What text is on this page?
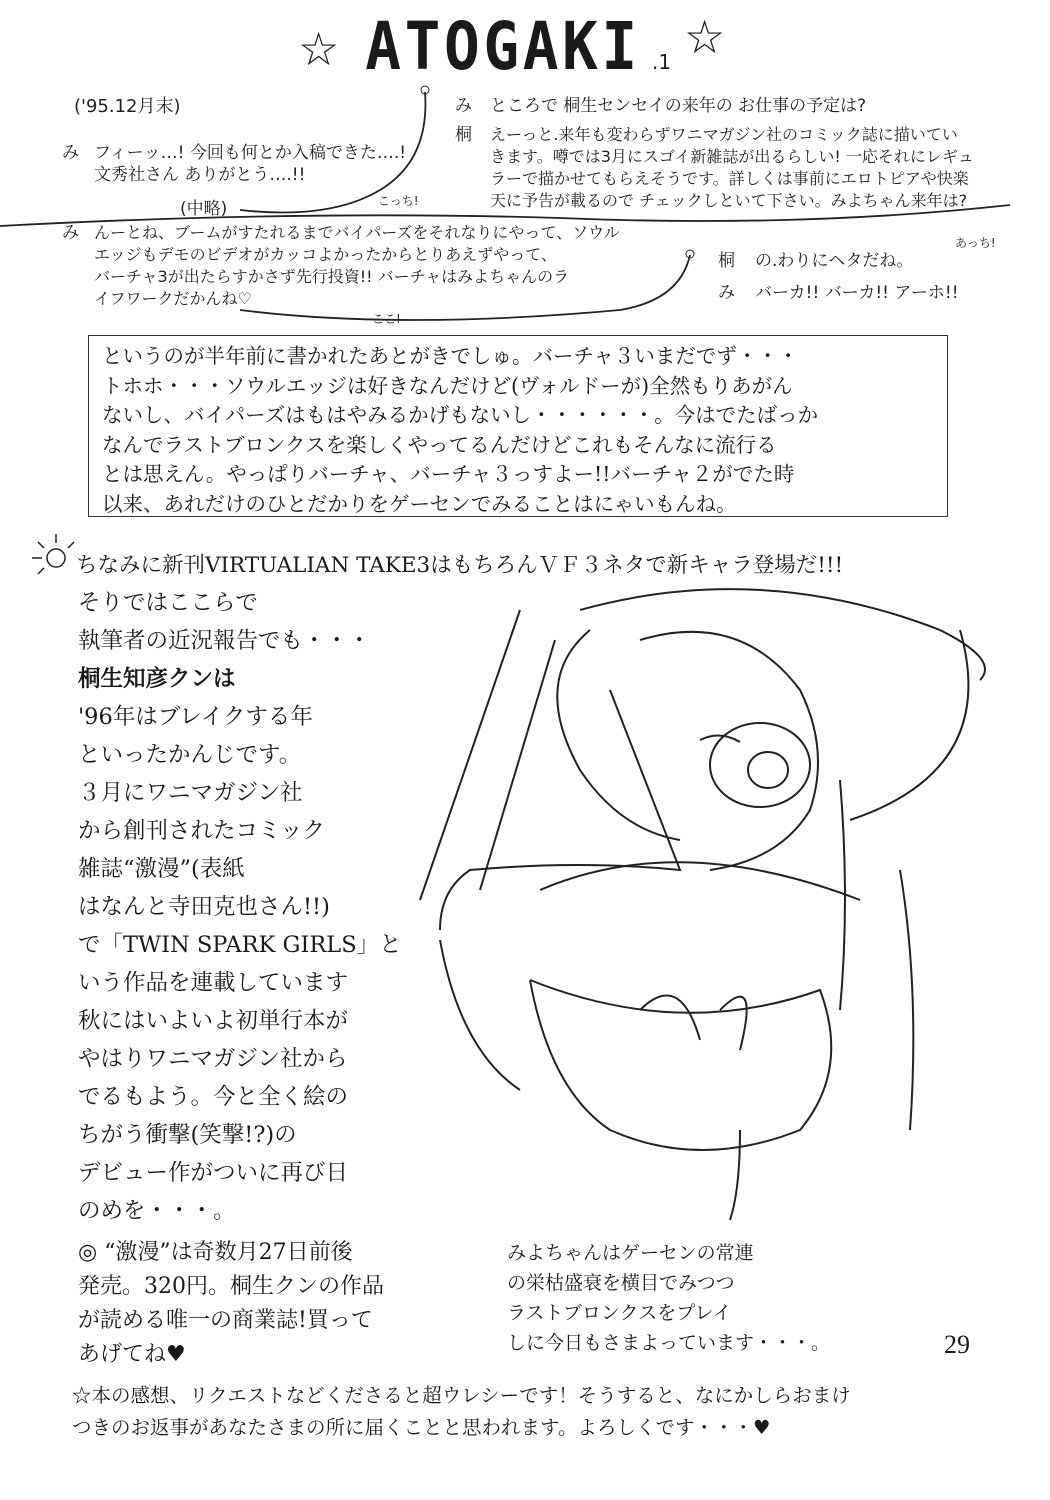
☆ ATOGAKI .1 ☆
('95.12月末)
み フィーッ…! 今回も何とか入稿できた….!
文秀社さん ありがとう….!!
(中略)	こっち!
み ところで 桐生センセイの来年の お仕事の予定は?
桐 えーっと.来年も変わらずワニマガジン社のコミック誌に描いてい
きます。噂では3月にスゴイ新雑誌が出るらしい! 一応それにレギュ
ラーで描かせてもらえそうです。詳しくは事前にエロトピアや快楽
天に予告が載るので チェックしといて下さい。みよちゃん来年は?
あっち!
み んーとね、ブームがすたれるまでバイパーズをそれなりにやって、ソウル
エッジもデモのビデオがカッコよかったからとりあえずやって、
バーチャ3が出たらすかさず先行投資!! バーチャはみよちゃんのラ
イフワークだかんね♡
ここ!
桐 の.わりにヘタだね。
み バーカ!! バーカ!! アーホ!!
というのが半年前に書かれたあとがきでしゅ。バーチャ３いまだでず・・・
トホホ・・・ソウルエッジは好きなんだけど(ヴォルドーが)全然もりあがん
ないし、バイパーズはもはやみるかげもないし・・・・・・。今はでたばっか
なんでラストブロンクスを楽しくやってるんだけどこれもそんなに流行る
とは思えん。やっぱりバーチャ、バーチャ３っすよー!!バーチャ２がでた時
以来、あれだけのひとだかりをゲーセンでみることはにゃいもんね。
ちなみに新刊VIRTUALIAN TAKE3はもちろんＶＦ３ネタで新キャラ登場だ!!!
そりではここらで
執筆者の近況報告でも・・・
桐生知彦クンは
'96年はブレイクする年
といったかんじです。
３月にワニマガジン社
から創刊されたコミック
雑誌“激漫”(表紙
はなんと寺田克也さん!!)
で「TWIN SPARK GIRLS」と
いう作品を連載しています
秋にはいよいよ初単行本が
やはりワニマガジン社から
でるもよう。今と全く絵の
ちがう衝撃(笑撃!?)の
デビュー作がついに再び日
のめを・・・。
◎ “激漫”は奇数月27日前後
発売。320円。桐生クンの作品
が読める唯一の商業誌!買って
あげてね♥
みよちゃんはゲーセンの常連
の栄枯盛衰を横目でみつつ
ラストブロンクスをプレイ
しに今日もさまよっています・・・。	29
☆本の感想、リクエストなどくださると超ウレシーです！そうすると、なにかしらおまけ
つきのお返事があなたさまの所に届くことと思われます。よろしくです・・・♥
